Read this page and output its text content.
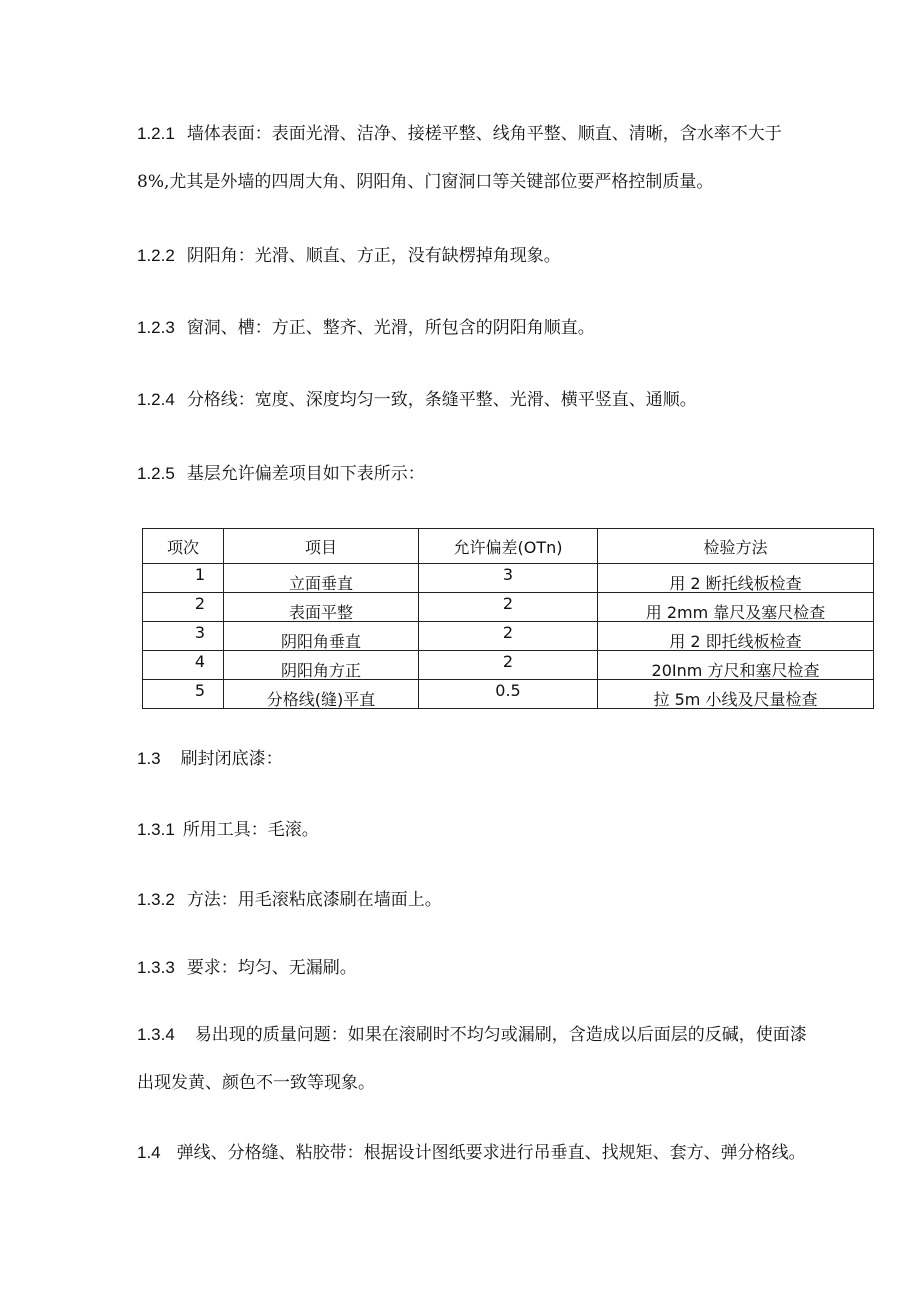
1.2.1 墙体表面：表面光滑、洁净、接槎平整、线角平整、顺直、清晰，含水率不大于

8%,尤其是外墙的四周大角、阴阳角、门窗洞口等关键部位要严格控制质量。

1.2.2 阴阳角：光滑、顺直、方正，没有缺楞掉角现象。

1.2.3 窗洞、槽：方正、整齐、光滑，所包含的阴阳角顺直。

1.2.4 分格线：宽度、深度均匀一致，条缝平整、光滑、横平竖直、通顺。

1.2.5 基层允许偏差项目如下表所示：

项次	项目	允许偏差(OTn)	检验方法
1	立面垂直	3	用 2 断托线板检查
2	表面平整	2	用 2mm 靠尺及塞尺检查
3	阴阳角垂直	2	用 2 即托线板检查
4	阴阳角方正	2	20Inm 方尺和塞尺检查
5	分格线(缝)平直	0.5	拉 5m 小线及尺量检查

1.3 刷封闭底漆：

1.3.1 所用工具：毛滚。

1.3.2 方法：用毛滚粘底漆刷在墙面上。

1.3.3 要求：均匀、无漏刷。

1.3.4 易出现的质量问题：如果在滚刷时不均匀或漏刷，含造成以后面层的反碱，使面漆

出现发黄、颜色不一致等现象。

1.4 弹线、分格缝、粘胶带：根据设计图纸要求进行吊垂直、找规矩、套方、弹分格线。
